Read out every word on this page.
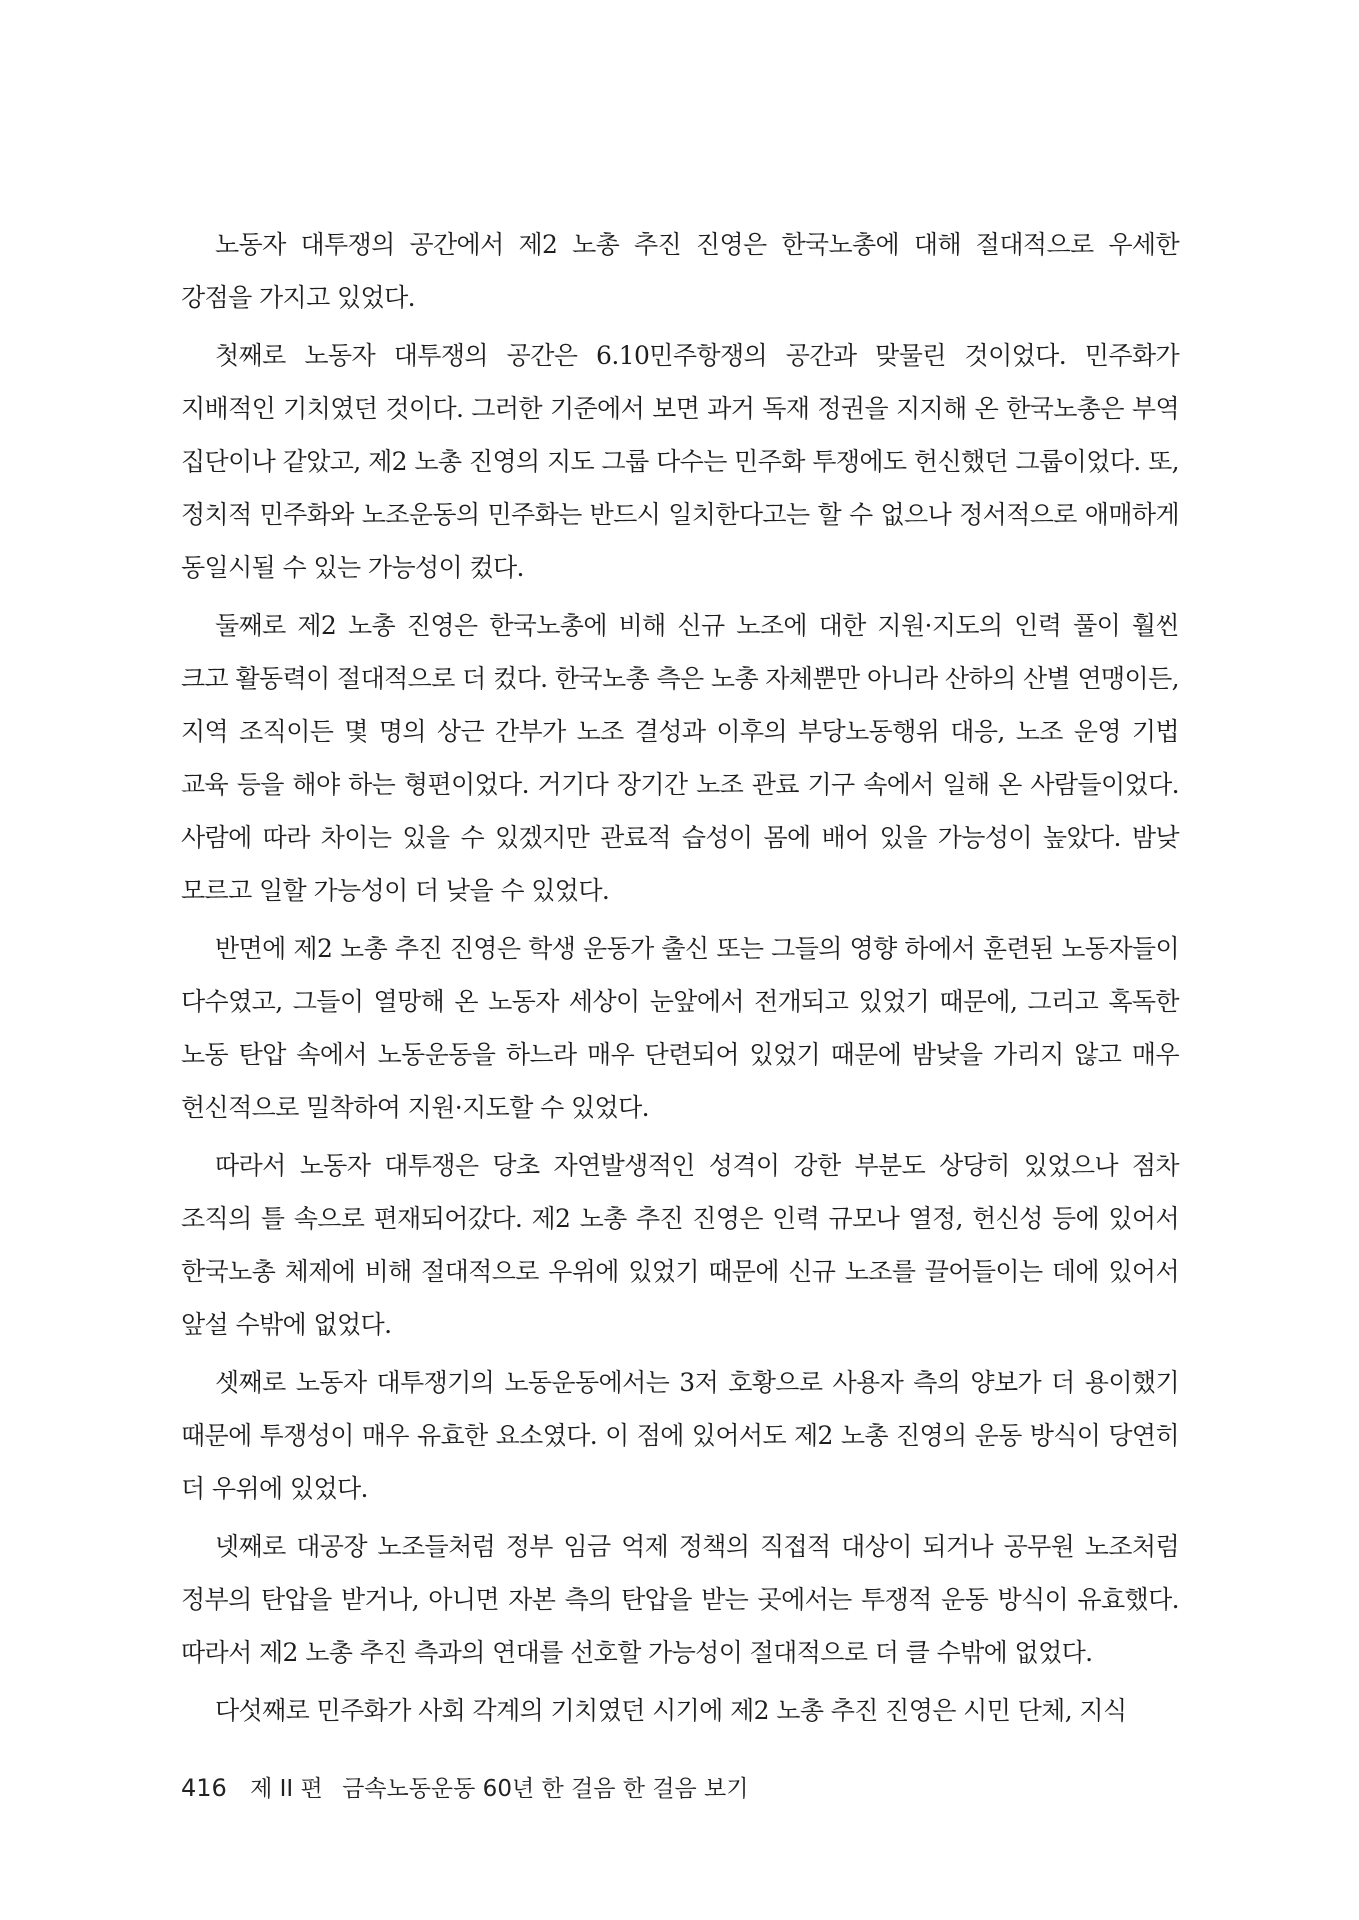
노동자 대투쟁의 공간에서 제2 노총 추진 진영은 한국노총에 대해 절대적으로 우세한 강점을 가지고 있었다.

첫째로 노동자 대투쟁의 공간은 6.10민주항쟁의 공간과 맞물린 것이었다. 민주화가 지배적인 기치였던 것이다. 그러한 기준에서 보면 과거 독재 정권을 지지해 온 한국노총은 부역 집단이나 같았고, 제2 노총 진영의 지도 그룹 다수는 민주화 투쟁에도 헌신했던 그룹이었다. 또, 정치적 민주화와 노조운동의 민주화는 반드시 일치한다고는 할 수 없으나 정서적으로 애매하게 동일시될 수 있는 가능성이 컸다.

둘째로 제2 노총 진영은 한국노총에 비해 신규 노조에 대한 지원·지도의 인력 풀이 훨씬 크고 활동력이 절대적으로 더 컸다. 한국노총 측은 노총 자체뿐만 아니라 산하의 산별 연맹이든, 지역 조직이든 몇 명의 상근 간부가 노조 결성과 이후의 부당노동행위 대응, 노조 운영 기법 교육 등을 해야 하는 형편이었다. 거기다 장기간 노조 관료 기구 속에서 일해 온 사람들이었다. 사람에 따라 차이는 있을 수 있겠지만 관료적 습성이 몸에 배어 있을 가능성이 높았다. 밤낮 모르고 일할 가능성이 더 낮을 수 있었다.

반면에 제2 노총 추진 진영은 학생 운동가 출신 또는 그들의 영향 하에서 훈련된 노동자들이 다수였고, 그들이 열망해 온 노동자 세상이 눈앞에서 전개되고 있었기 때문에, 그리고 혹독한 노동 탄압 속에서 노동운동을 하느라 매우 단련되어 있었기 때문에 밤낮을 가리지 않고 매우 헌신적으로 밀착하여 지원·지도할 수 있었다.

따라서 노동자 대투쟁은 당초 자연발생적인 성격이 강한 부분도 상당히 있었으나 점차 조직의 틀 속으로 편재되어갔다. 제2 노총 추진 진영은 인력 규모나 열정, 헌신성 등에 있어서 한국노총 체제에 비해 절대적으로 우위에 있었기 때문에 신규 노조를 끌어들이는 데에 있어서 앞설 수밖에 없었다.

셋째로 노동자 대투쟁기의 노동운동에서는 3저 호황으로 사용자 측의 양보가 더 용이했기 때문에 투쟁성이 매우 유효한 요소였다. 이 점에 있어서도 제2 노총 진영의 운동 방식이 당연히 더 우위에 있었다.

넷째로 대공장 노조들처럼 정부 임금 억제 정책의 직접적 대상이 되거나 공무원 노조처럼 정부의 탄압을 받거나, 아니면 자본 측의 탄압을 받는 곳에서는 투쟁적 운동 방식이 유효했다. 따라서 제2 노총 추진 측과의 연대를 선호할 가능성이 절대적으로 더 클 수밖에 없었다.

다섯째로 민주화가 사회 각계의 기치였던 시기에 제2 노총 추진 진영은 시민 단체, 지식

416 제 II 편 금속노동운동 60년 한 걸음 한 걸음 보기
